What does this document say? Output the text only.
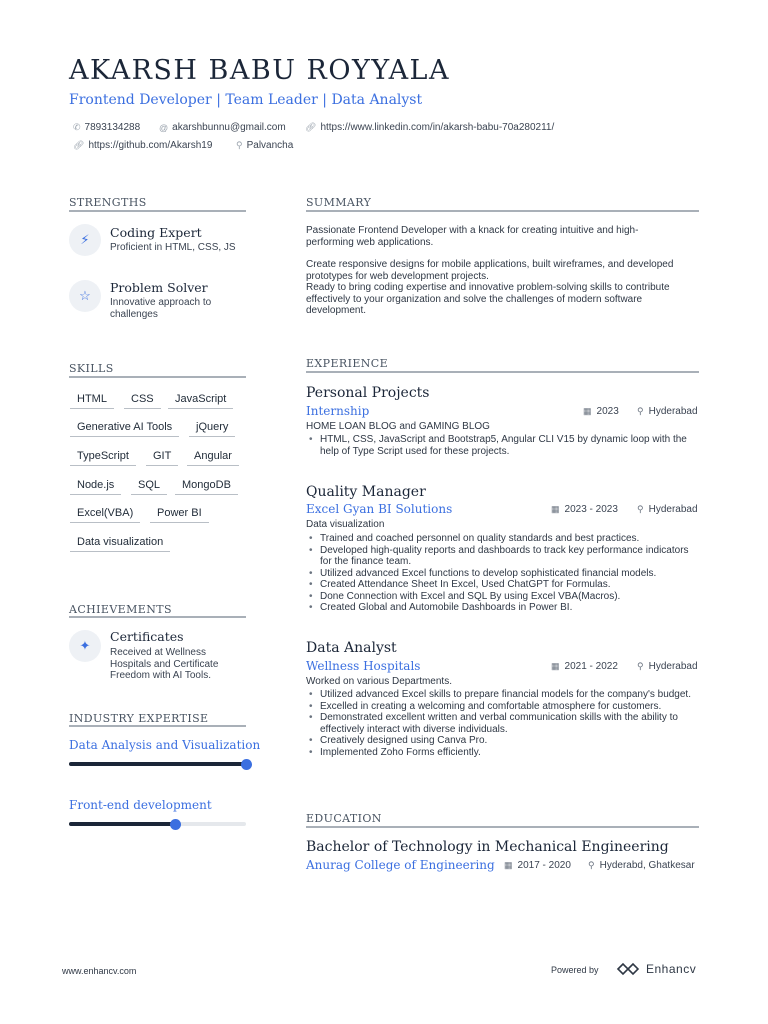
AKARSH BABU ROYYALA
Frontend Developer | Team Leader | Data Analyst
✆ 7893134288 @ akarshbunnu@gmail.com 🔗︎ https://www.linkedin.com/in/akarsh-babu-70a280211/
🔗︎ https://github.com/Akarsh19	⚲ Palvancha
STRENGTHS
⚡︎	Coding Expert
Proficient in HTML, CSS, JS
☆
Problem Solver
Innovative approach to challenges
SKILLS
HTML	CSS	JavaScript
Generative AI Tools	jQuery
TypeScript	GIT	Angular
Node.js	SQL	MongoDB
Excel(VBA)	Power BI
Data visualization
ACHIEVEMENTS
✦
Certificates
Received at Wellness Hospitals and Certificate Freedom with AI Tools.
INDUSTRY EXPERTISE
Data Analysis and Visualization
Front-end development
SUMMARY
Passionate Frontend Developer with a knack for creating intuitive and high-performing web applications.
Create responsive designs for mobile applications, built wireframes, and developed prototypes for web development projects.
Ready to bring coding expertise and innovative problem-solving skills to contribute effectively to your organization and solve the challenges of modern software development.
EXPERIENCE
Personal Projects
Internship	▦ 2023 ⚲ Hyderabad
HOME LOAN BLOG and GAMING BLOG
• HTML, CSS, JavaScript and Bootstrap5, Angular CLI V15 by dynamic loop with the help of Type Script used for these projects.
Quality Manager
Excel Gyan BI Solutions	▦ 2023 - 2023 ⚲ Hyderabad
Data visualization
• Trained and coached personnel on quality standards and best practices.
• Developed high-quality reports and dashboards to track key performance indicators for the finance team.
• Utilized advanced Excel functions to develop sophisticated financial models.
• Created Attendance Sheet In Excel, Used ChatGPT for Formulas.
• Done Connection with Excel and SQL By using Excel VBA(Macros).
• Created Global and Automobile Dashboards in Power BI.
Data Analyst
Wellness Hospitals	▦ 2021 - 2022 ⚲ Hyderabad
Worked on various Departments.
• Utilized advanced Excel skills to prepare financial models for the company's budget.
• Excelled in creating a welcoming and comfortable atmosphere for customers.
• Demonstrated excellent written and verbal communication skills with the ability to effectively interact with diverse individuals.
• Creatively designed using Canva Pro.
• Implemented Zoho Forms efficiently.
EDUCATION
Bachelor of Technology in Mechanical Engineering
Anurag College of Engineering ▦ 2017 - 2020 ⚲ Hyderabd, Ghatkesar
www.enhancv.com	Powered by	Enhancv
